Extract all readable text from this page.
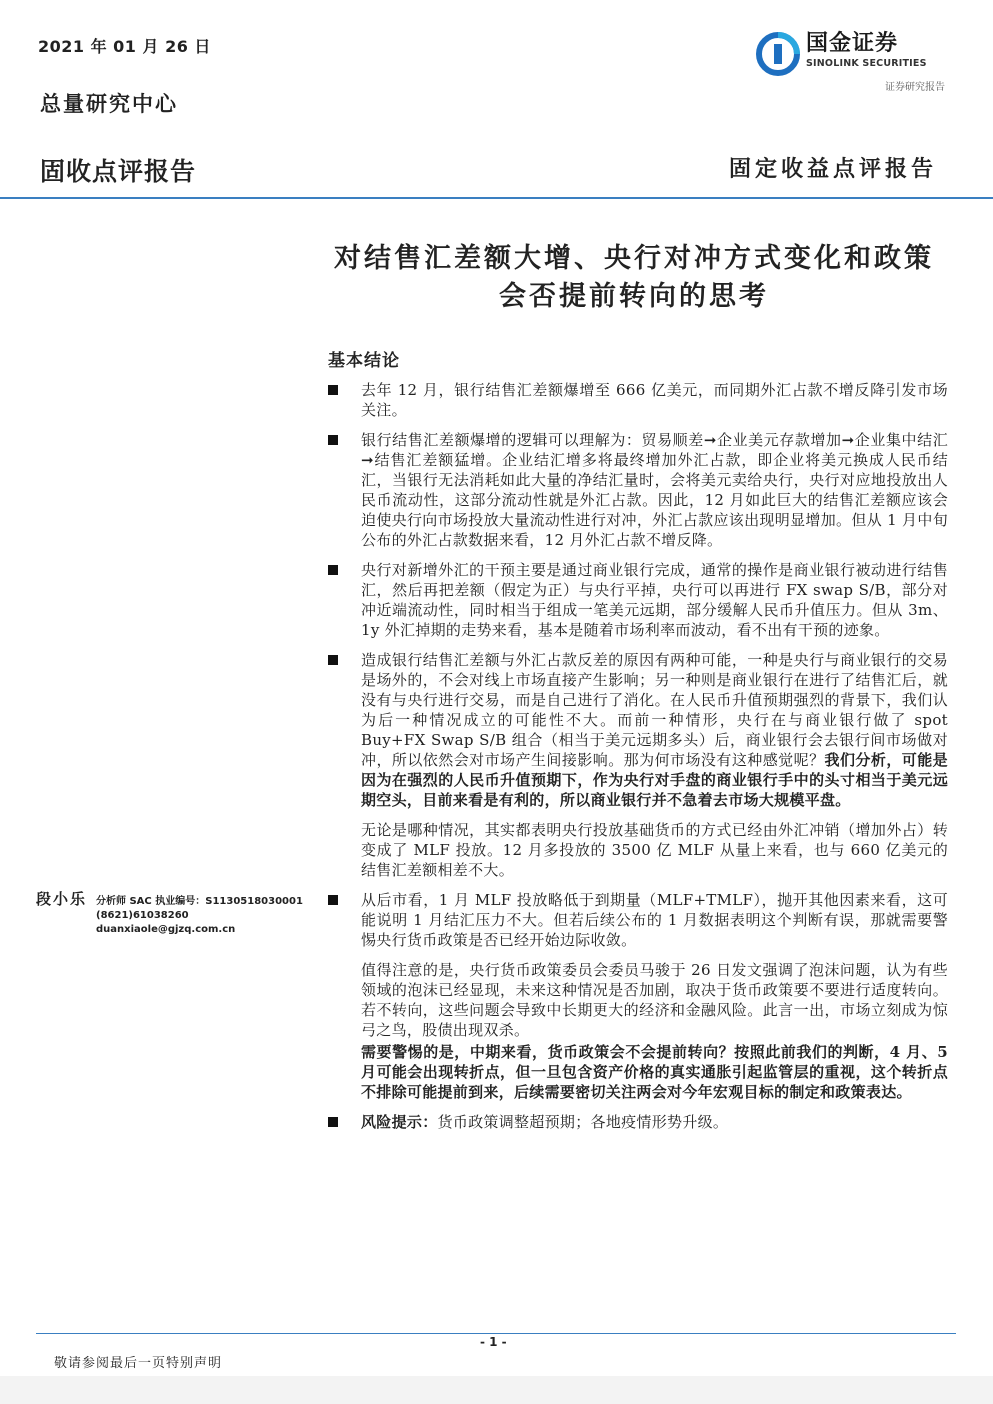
2021 年 01 月 26 日
总量研究中心
国金证券
SINOLINK SECURITIES
证券研究报告
固收点评报告	固定收益点评报告
对结售汇差额大增、央行对冲方式变化和政策
会否提前转向的思考
基本结论
去年 12 月，银行结售汇差额爆增至 666 亿美元，而同期外汇占款不增反降引发市场关注。
银行结售汇差额爆增的逻辑可以理解为：贸易顺差➞企业美元存款增加➞企业集中结汇➞结售汇差额猛增。企业结汇增多将最终增加外汇占款，即企业将美元换成人民币结汇，当银行无法消耗如此大量的净结汇量时，会将美元卖给央行，央行对应地投放出人民币流动性，这部分流动性就是外汇占款。因此，12 月如此巨大的结售汇差额应该会迫使央行向市场投放大量流动性进行对冲，外汇占款应该出现明显增加。但从 1 月中旬公布的外汇占款数据来看，12 月外汇占款不增反降。
央行对新增外汇的干预主要是通过商业银行完成，通常的操作是商业银行被动进行结售汇，然后再把差额（假定为正）与央行平掉，央行可以再进行 FX swap S/B，部分对冲近端流动性，同时相当于组成一笔美元远期，部分缓解人民币升值压力。但从 3m、1y 外汇掉期的走势来看，基本是随着市场利率而波动，看不出有干预的迹象。
造成银行结售汇差额与外汇占款反差的原因有两种可能，一种是央行与商业银行的交易是场外的，不会对线上市场直接产生影响；另一种则是商业银行在进行了结售汇后，就没有与央行进行交易，而是自己进行了消化。在人民币升值预期强烈的背景下，我们认为后一种情况成立的可能性不大。而前一种情形，央行在与商业银行做了 spot Buy+FX Swap S/B 组合（相当于美元远期多头）后，商业银行会去银行间市场做对冲，所以依然会对市场产生间接影响。那为何市场没有这种感觉呢？我们分析，可能是因为在强烈的人民币升值预期下，作为央行对手盘的商业银行手中的头寸相当于美元远期空头，目前来看是有利的，所以商业银行并不急着去市场大规模平盘。
无论是哪种情况，其实都表明央行投放基础货币的方式已经由外汇冲销（增加外占）转变成了 MLF 投放。12 月多投放的 3500 亿 MLF 从量上来看，也与 660 亿美元的结售汇差额相差不大。
从后市看，1 月 MLF 投放略低于到期量（MLF+TMLF），抛开其他因素来看，这可能说明 1 月结汇压力不大。但若后续公布的 1 月数据表明这个判断有误，那就需要警惕央行货币政策是否已经开始边际收敛。
值得注意的是，央行货币政策委员会委员马骏于 26 日发文强调了泡沫问题，认为有些领域的泡沫已经显现，未来这种情况是否加剧，取决于货币政策要不要进行适度转向。若不转向，这些问题会导致中长期更大的经济和金融风险。此言一出，市场立刻成为惊弓之鸟，股债出现双杀。
需要警惕的是，中期来看，货币政策会不会提前转向？按照此前我们的判断，4 月、5 月可能会出现转折点，但一旦包含资产价格的真实通胀引起监管层的重视，这个转折点不排除可能提前到来，后续需要密切关注两会对今年宏观目标的制定和政策表达。
风险提示：货币政策调整超预期；各地疫情形势升级。
段小乐 分析师 SAC 执业编号：S1130518030001
(8621)61038260
duanxiaole@gjzq.com.cn
- 1 -
敬请参阅最后一页特别声明
